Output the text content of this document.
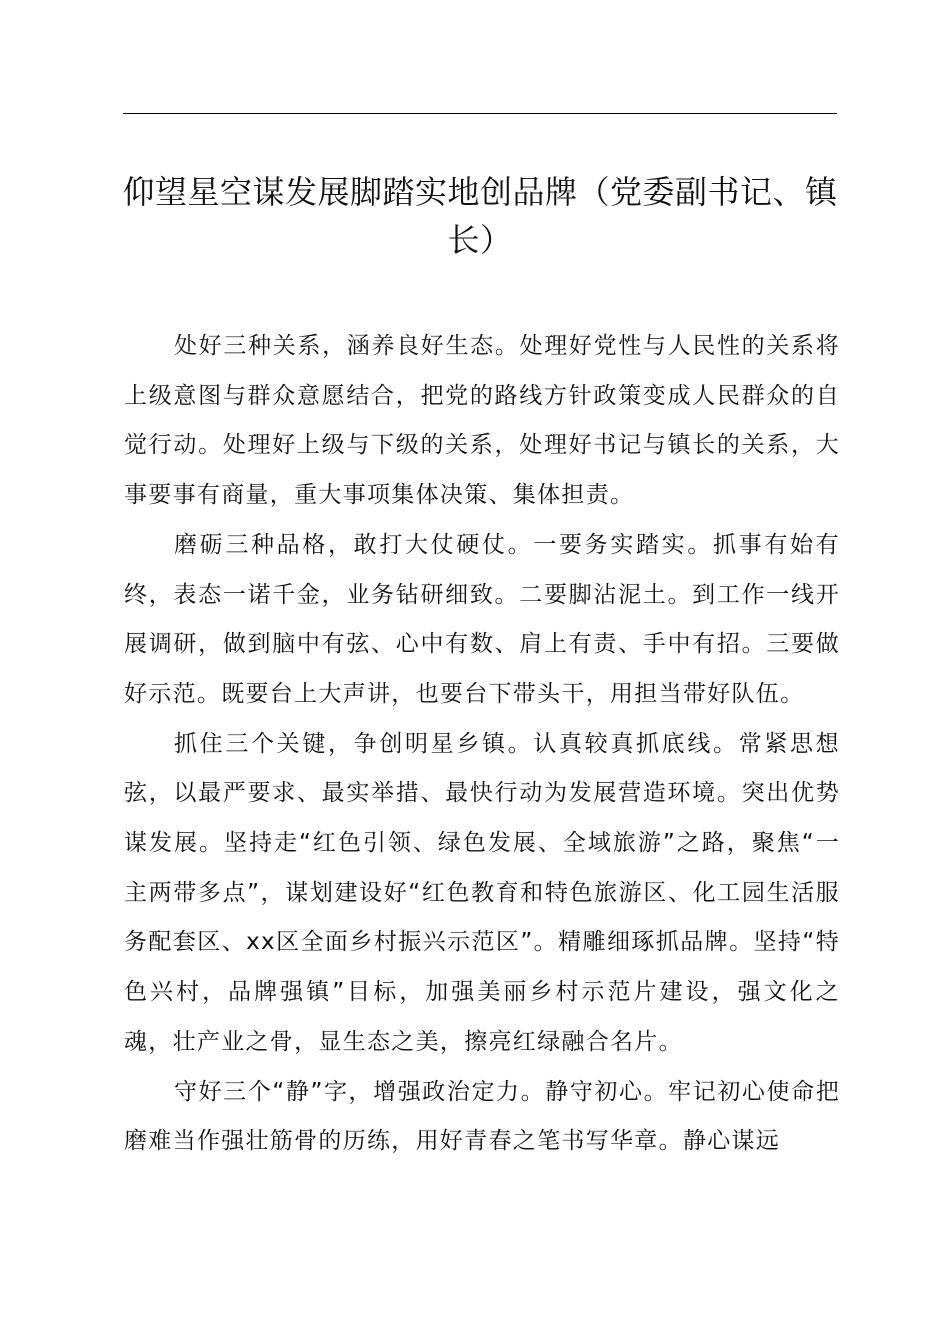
仰望星空谋发展脚踏实地创品牌（党委副书记、镇长）

处好三种关系，涵养良好生态。处理好党性与人民性的关系将上级意图与群众意愿结合，把党的路线方针政策变成人民群众的自觉行动。处理好上级与下级的关系，处理好书记与镇长的关系，大事要事有商量，重大事项集体决策、集体担责。

磨砺三种品格，敢打大仗硬仗。一要务实踏实。抓事有始有终，表态一诺千金，业务钻研细致。二要脚沾泥土。到工作一线开展调研，做到脑中有弦、心中有数、肩上有责、手中有招。三要做好示范。既要台上大声讲，也要台下带头干，用担当带好队伍。

抓住三个关键，争创明星乡镇。认真较真抓底线。常紧思想弦，以最严要求、最实举措、最快行动为发展营造环境。突出优势谋发展。坚持走“红色引领、绿色发展、全域旅游”之路，聚焦“一主两带多点”，谋划建设好“红色教育和特色旅游区、化工园生活服务配套区、xx区全面乡村振兴示范区”。精雕细琢抓品牌。坚持“特色兴村，品牌强镇”目标，加强美丽乡村示范片建设，强文化之魂，壮产业之骨，显生态之美，擦亮红绿融合名片。

守好三个“静”字，增强政治定力。静守初心。牢记初心使命把磨难当作强壮筋骨的历练，用好青春之笔书写华章。静心谋远
